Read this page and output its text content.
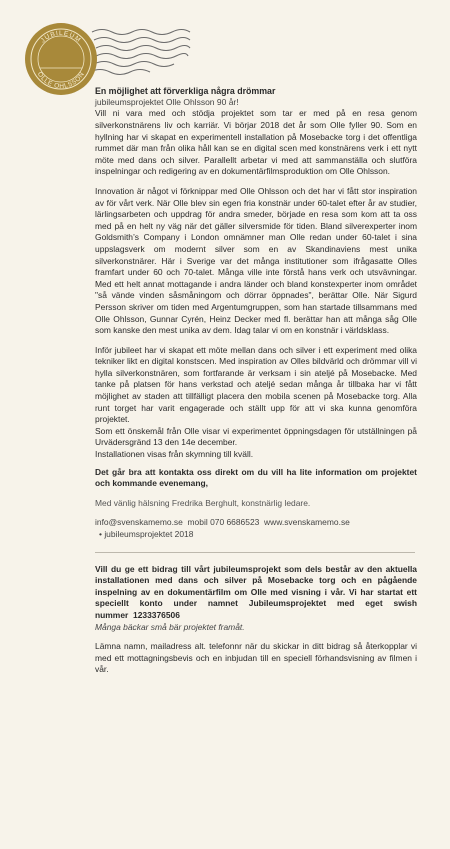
JUBILEUM
OLLE OHLSSON

En möjlighet att förverkliga några drömmar

jubileumsprojektet Olle Ohlsson 90 år!

Vill ni vara med och stödja projektet som tar er med på en resa genom silverkonstnärens liv och karriär. Vi börjar 2018 det år som Olle fyller 90. Som en hyllning har vi skapat en experimentell installation på Mosebacke torg i det offentliga rummet där man från olika håll kan se en digital scen med konstnärens verk i ett nytt möte med dans och silver. Parallellt arbetar vi med att sammanställa och slutföra inspelningar och redigering av en dokumentärfilmsproduktion om Olle Ohlsson.

Innovation är något vi förknippar med Olle Ohlsson och det har vi fått stor inspiration av för vårt verk. När Olle blev sin egen fria konstnär under 60-talet efter år av studier, lärlingsarbeten och uppdrag för andra smeder, började en resa som kom att ta oss med på en helt ny väg när det gäller silversmide för tiden. Bland silverexperter inom Goldsmith’s Company i London omnämner man Olle redan under 60-talet i sina uppslagsverk om modernt silver som en av Skandinaviens mest unika silverkonstnärer. Här i Sverige var det många institutioner som ifrågasatte Olles framfart under 60 och 70-talet. Många ville inte förstå hans verk och utsvävningar. Med ett helt annat mottagande i andra länder och bland konstexperter inom området "så vände vinden såsmåningom och dörrar öppnades", berättar Olle. När Sigurd Persson skriver om tiden med Argentumgruppen, som han startade tillsammans med Olle Ohlsson, Gunnar Cyrén, Heinz Decker med fl. berättar han att många såg Olle som kanske den mest unika av dem. Idag talar vi om en konstnär i världsklass.

Inför jubileet har vi skapat ett möte mellan dans och silver i ett experiment med olika tekniker likt en digital konstscen. Med inspiration av Olles bildvärld och drömmar vill vi hylla silverkonstnären, som fortfarande är verksam i sin ateljé på Mosebacke. Med tanke på platsen för hans verkstad och ateljé sedan många år tillbaka har vi fått möjlighet av staden att tillfälligt placera den mobila scenen på Mosebacke torg. Alla runt torget har varit engagerade och ställt upp för att vi ska kunna genomföra projektet.

Som ett önskemål från Olle visar vi experimentet öppningsdagen för utställningen på Urvädersgränd 13 den 14e december.

Installationen visas från skymning till kväll.

Det går bra att kontakta oss direkt om du vill ha lite information om projektet och kommande evenemang,

Med vänlig hälsning Fredrika Berghult, konstnärlig ledare.

info@svenskamemo.se mobil 070 6686523 www.svenskamemo.se

• jubileumsprojektet 2018

Vill du ge ett bidrag till vårt jubileumsprojekt som dels består av den aktuella installationen med dans och silver på Mosebacke torg och en pågående inspelning av en dokumentärfilm om Olle med visning i vår. Vi har startat ett speciellt konto under namnet Jubileumsprojektet med eget swish nummer 1233376506

Många bäckar små bär projektet framåt.

Lämna namn, mailadress alt. telefonnr när du skickar in ditt bidrag så återkopplar vi med ett mottagningsbevis och en inbjudan till en speciell förhandsvisning av filmen i vår.
